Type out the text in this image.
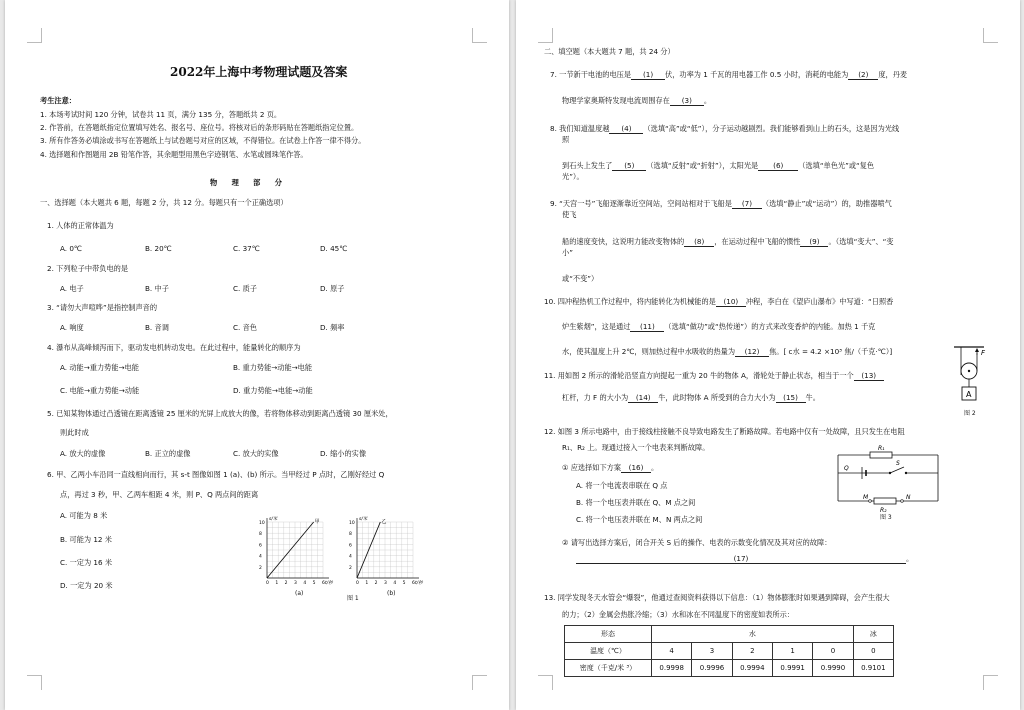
2022年上海中考物理试题及答案
考生注意：
1. 本场考试时间 120 分钟，试卷共 11 页，满分 135 分，答题纸共 2 页。
2. 作答前，在答题纸指定位置填写姓名、报名号、座位号。将核对后的条形码贴在答题纸指定位置。
3. 所有作答务必填涂或书写在答题纸上与试卷题号对应的区域，不得错位。在试卷上作答一律不得分。
4. 选择题和作图题用 2B 铅笔作答，其余题型用黑色字迹钢笔、水笔或圆珠笔作答。
物　　理　　部　　分
一、选择题（本大题共 6 题，每题 2 分，共 12 分。每题只有一个正确选项）
1. 人体的正常体温为
A. 0℃	B. 20℃	C. 37℃	D. 45℃
2. 下列粒子中带负电的是
A. 电子	B. 中子	C. 质子	D. 原子
3. “请勿大声喧哗”是指控制声音的
A. 响度	B. 音调	C. 音色	D. 频率
4. 瀑布从高峰倾泻而下，驱动发电机转动发电。在此过程中，能量转化的顺序为
A. 动能→重力势能→电能	B. 重力势能→动能→电能
C. 电能→重力势能→动能	D. 重力势能→电能→动能
5. 已知某物体通过凸透镜在距离透镜 25 厘米的光屏上成放大的像，若将物体移动到距离凸透镜 30 厘米处，
则此时成
A. 放大的虚像	B. 正立的虚像	C. 放大的实像	D. 缩小的实像
6. 甲、乙两小车沿同一直线相向而行，其 s-t 图像如图 1 (a)、(b) 所示。当甲经过 P 点时，乙刚好经过 Q
点，再过 3 秒，甲、乙两车相距 4 米，则 P、Q 两点间的距离
A. 可能为 8 米
B. 可能为 12 米
C. 一定为 16 米
D. 一定为 20 米
10
8
6
4
2
0 1 2 3 4 5 6
s/米
t/秒
甲	10
8
6
4
2
0 1 2 3 4 5 6
s/米
t/秒
乙
(a)	(b)
图 1
二、填空题（本大题共 7 题，共 24 分）
7. 一节新干电池的电压是 (1) 伏，功率为 1 千瓦的用电器工作 0.5 小时，消耗的电能为 (2) 度，丹麦
物理学家奥斯特发现电流周围存在 (3) 。
8. 我们知道温度越 (4) （选填“高”或“低”），分子运动越剧烈。我们能够看到山上的石头，这是因为光线
照
到石头上发生了 (5) （选填“反射”或“折射”），太阳光是 (6) （选填“单色光”或“复色
光”）。
9. “天宫一号”飞船逐渐靠近空间站，空间站相对于飞船是 (7) （选填“静止”或“运动”）的，助推器喷气
使飞
船的速度变快，这说明力能改变物体的 (8) ，在运动过程中飞船的惯性 (9) 。（选填“变大”、“变
小”
或“不变”）
10. 四冲程热机工作过程中，将内能转化为机械能的是 (10) 冲程，李白在《望庐山瀑布》中写道：“日照香
炉生紫烟”，这是通过 (11) （选填“做功”或“热传递”）的方式来改变香炉的内能。加热 1 千克
水，使其温度上升 2℃，则加热过程中水吸收的热量为 (12) 焦。[ c水 = 4.2 ×10³ 焦/（千克·℃）]	F
A
图 2
11. 用如图 2 所示的滑轮沿竖直方向提起一重为 20 牛的物体 A，滑轮处于静止状态，相当于一个 (13)
杠杆，力 F 的大小为 (14) 牛，此时物体 A 所受到的合力大小为 (15) 牛。
12. 如图 3 所示电路中，由于接线柱接触不良导致电路发生了断路故障。若电路中仅有一处故障，且只发生在电阻
R₁、R₂ 上。现通过接入一个电表来判断故障。
① 应选择如下方案 (16) 。
A. 将一个电流表串联在 Q 点
B. 将一个电压表并联在 Q、M 点之间
C. 将一个电压表并联在 M、N 两点之间
R₁
R₂
S
Q
M	N
图 3
② 请写出选择方案后，闭合开关 S 后的操作、电表的示数变化情况及其对应的故障：
(17)	。
13. 同学发现冬天水管会“爆裂”，他通过查阅资料获得以下信息：（1）物体膨胀时如果遇到障碍，会产生很大
的力；（2）金属会热胀冷缩；（3）水和冰在不同温度下的密度如表所示：
形态	水					冰
温度（℃）	4	3	2	1	0	0
密度（千克/米 ³）	0.9998	0.9996	0.9994	0.9991	0.9990	0.9101
